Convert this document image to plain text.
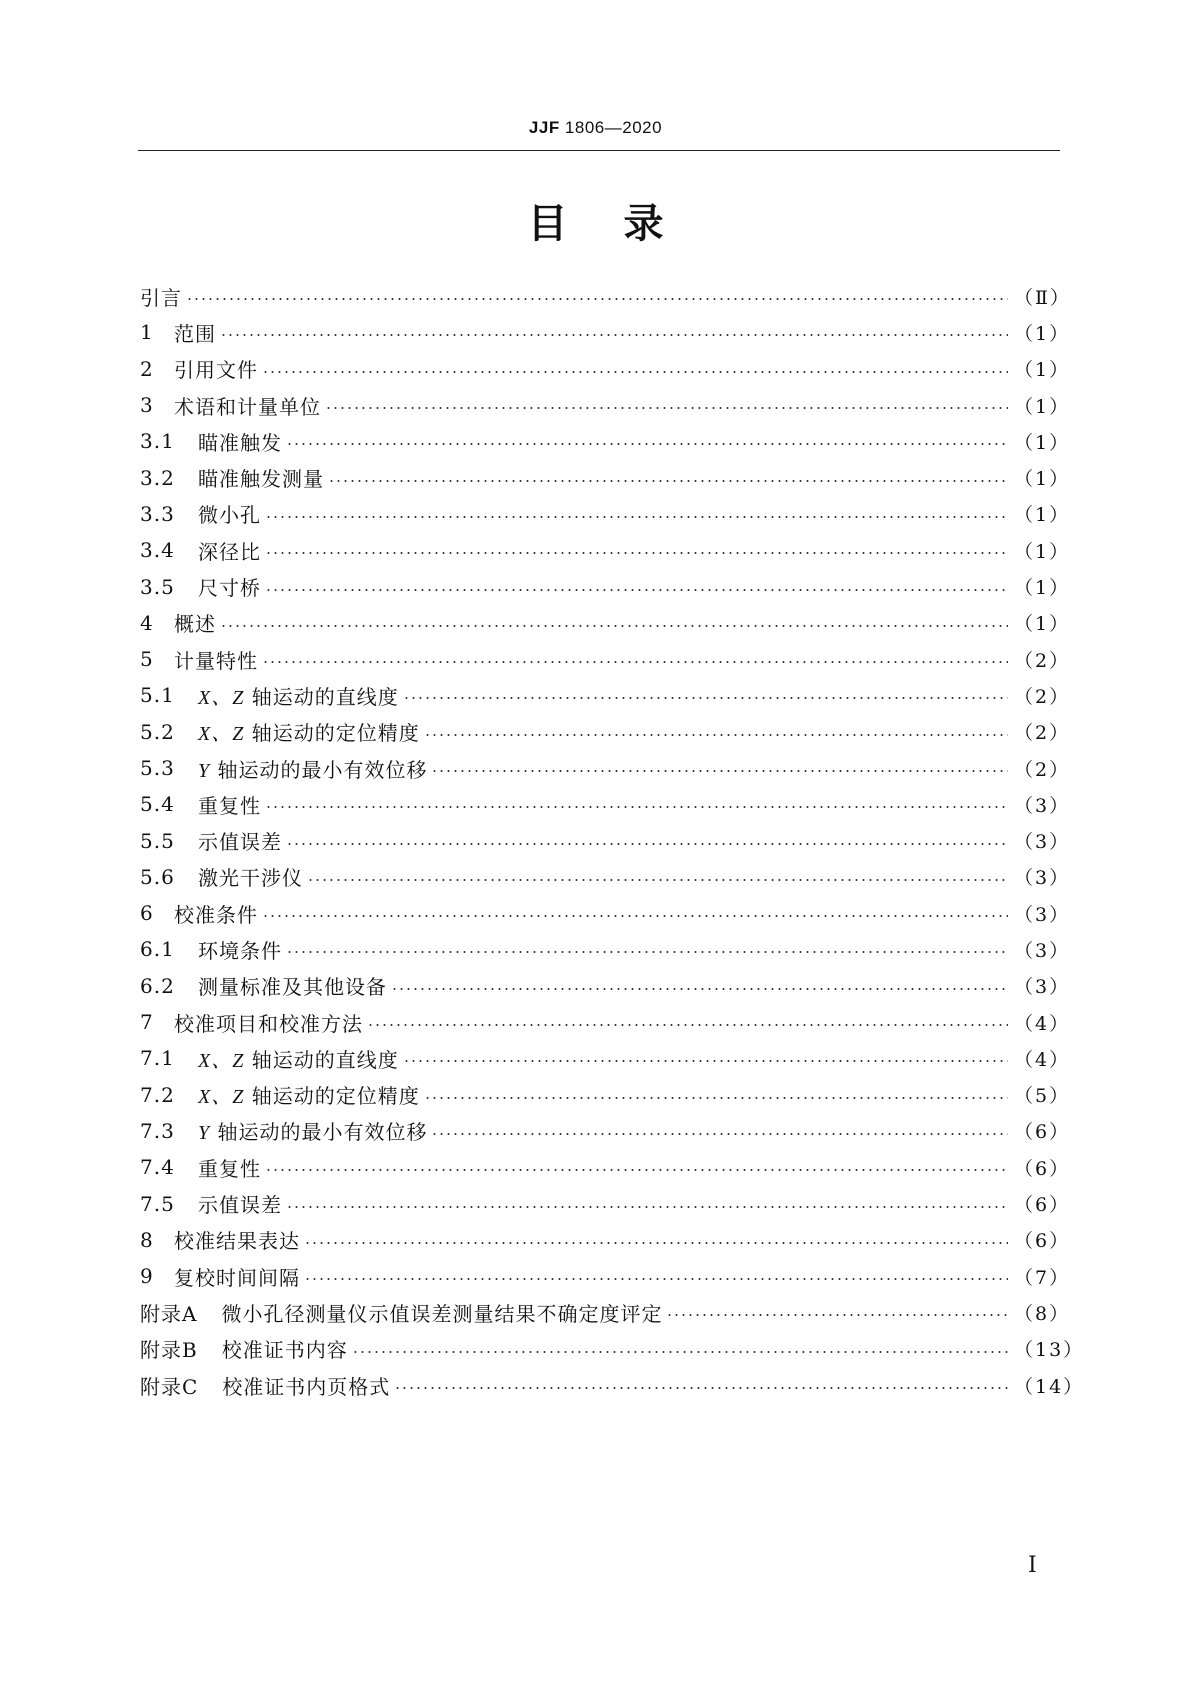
JJF 1806—2020
目录
引言	（Ⅱ）
1	范围	（1）
2	引用文件	（1）
3	术语和计量单位	（1）
3.1	瞄准触发	（1）
3.2	瞄准触发测量	（1）
3.3	微小孔	（1）
3.4	深径比	（1）
3.5	尺寸桥	（1）
4	概述	（1）
5	计量特性	（2）
5.1	X、Z 轴运动的直线度	（2）
5.2	X、Z 轴运动的定位精度	（2）
5.3	Y 轴运动的最小有效位移	（2）
5.4	重复性	（3）
5.5	示值误差	（3）
5.6	激光干涉仪	（3）
6	校准条件	（3）
6.1	环境条件	（3）
6.2	测量标准及其他设备	（3）
7	校准项目和校准方法	（4）
7.1	X、Z 轴运动的直线度	（4）
7.2	X、Z 轴运动的定位精度	（5）
7.3	Y 轴运动的最小有效位移	（6）
7.4	重复性	（6）
7.5	示值误差	（6）
8	校准结果表达	（6）
9	复校时间间隔	（7）
附录A 微小孔径测量仪示值误差测量结果不确定度评定	（8）
附录B 校准证书内容	（13）
附录C 校准证书内页格式	（14）
Ⅰ
